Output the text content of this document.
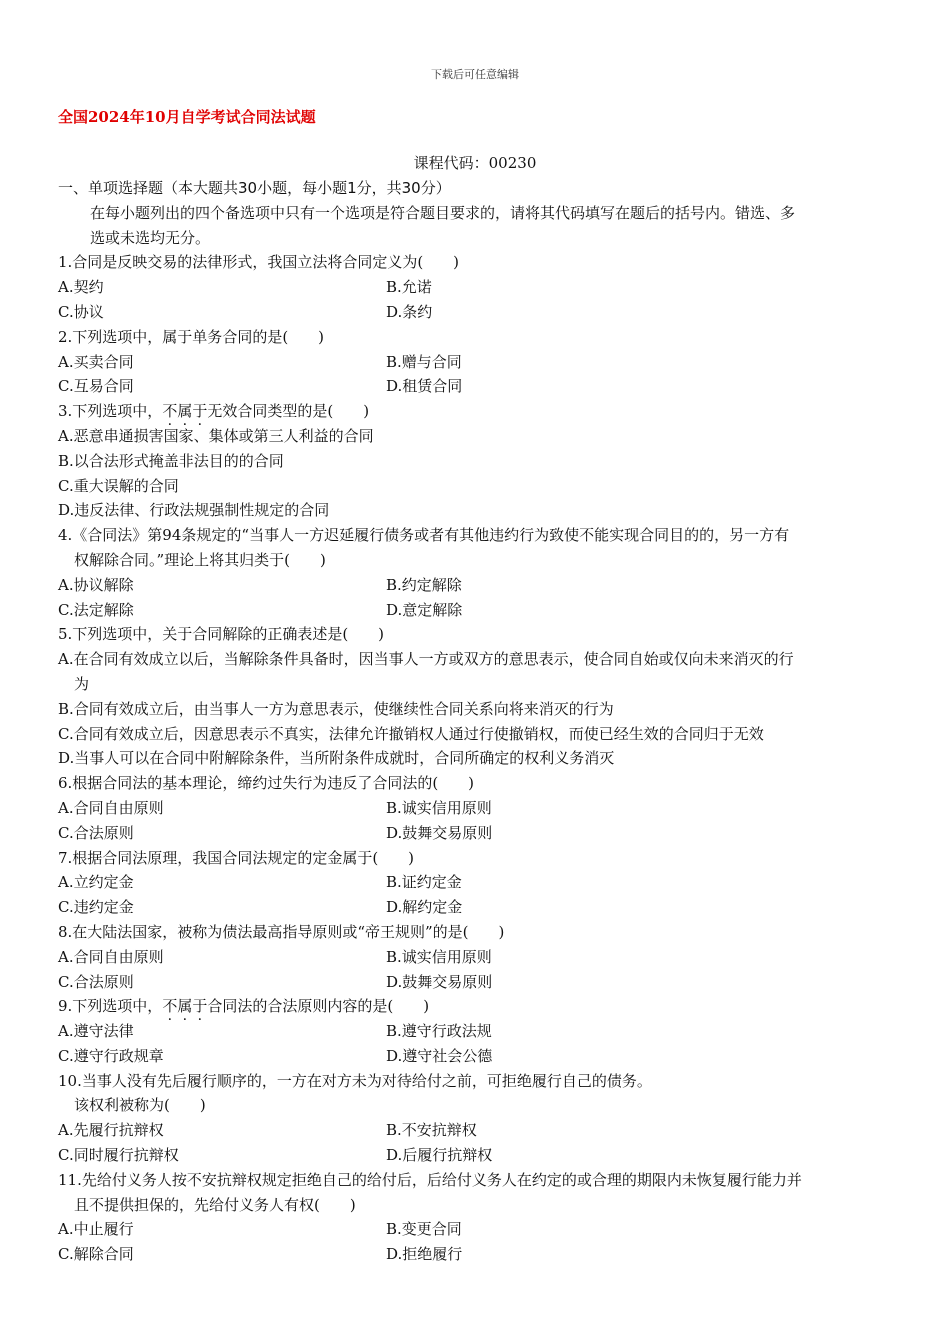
下载后可任意编辑
全国2024年10月自学考试合同法试题
课程代码：00230
一、单项选择题（本大题共30小题，每小题1分，共30分）
在每小题列出的四个备选项中只有一个选项是符合题目要求的，请将其代码填写在题后的括号内。错选、多
选或未选均无分。
1.合同是反映交易的法律形式，我国立法将合同定义为(　　)
A.契约	B.允诺
C.协议	D.条约
2.下列选项中，属于单务合同的是(　　)
A.买卖合同	B.赠与合同
C.互易合同	D.租赁合同
3.下列选项中，不属于无效合同类型的是(　　)
A.恶意串通损害国家、集体或第三人利益的合同
B.以合法形式掩盖非法目的的合同
C.重大误解的合同
D.违反法律、行政法规强制性规定的合同
4.《合同法》第94条规定的“当事人一方迟延履行债务或者有其他违约行为致使不能实现合同目的的，另一方有
权解除合同。”理论上将其归类于(　　)
A.协议解除	B.约定解除
C.法定解除	D.意定解除
5.下列选项中，关于合同解除的正确表述是(　　)
A.在合同有效成立以后，当解除条件具备时，因当事人一方或双方的意思表示，使合同自始或仅向未来消灭的行
为
B.合同有效成立后，由当事人一方为意思表示，使继续性合同关系向将来消灭的行为
C.合同有效成立后，因意思表示不真实，法律允许撤销权人通过行使撤销权，而使已经生效的合同归于无效
D.当事人可以在合同中附解除条件，当所附条件成就时，合同所确定的权利义务消灭
6.根据合同法的基本理论，缔约过失行为违反了合同法的(　　)
A.合同自由原则	B.诚实信用原则
C.合法原则	D.鼓舞交易原则
7.根据合同法原理，我国合同法规定的定金属于(　　)
A.立约定金	B.证约定金
C.违约定金	D.解约定金
8.在大陆法国家，被称为债法最高指导原则或“帝王规则”的是(　　)
A.合同自由原则	B.诚实信用原则
C.合法原则	D.鼓舞交易原则
9.下列选项中，不属于合同法的合法原则内容的是(　　)
A.遵守法律	B.遵守行政法规
C.遵守行政规章	D.遵守社会公德
10.当事人没有先后履行顺序的，一方在对方未为对待给付之前，可拒绝履行自己的债务。
该权利被称为(　　)
A.先履行抗辩权	B.不安抗辩权
C.同时履行抗辩权	D.后履行抗辩权
11.先给付义务人按不安抗辩权规定拒绝自己的给付后，后给付义务人在约定的或合理的期限内未恢复履行能力并
且不提供担保的，先给付义务人有权(　　)
A.中止履行	B.变更合同
C.解除合同	D.拒绝履行
